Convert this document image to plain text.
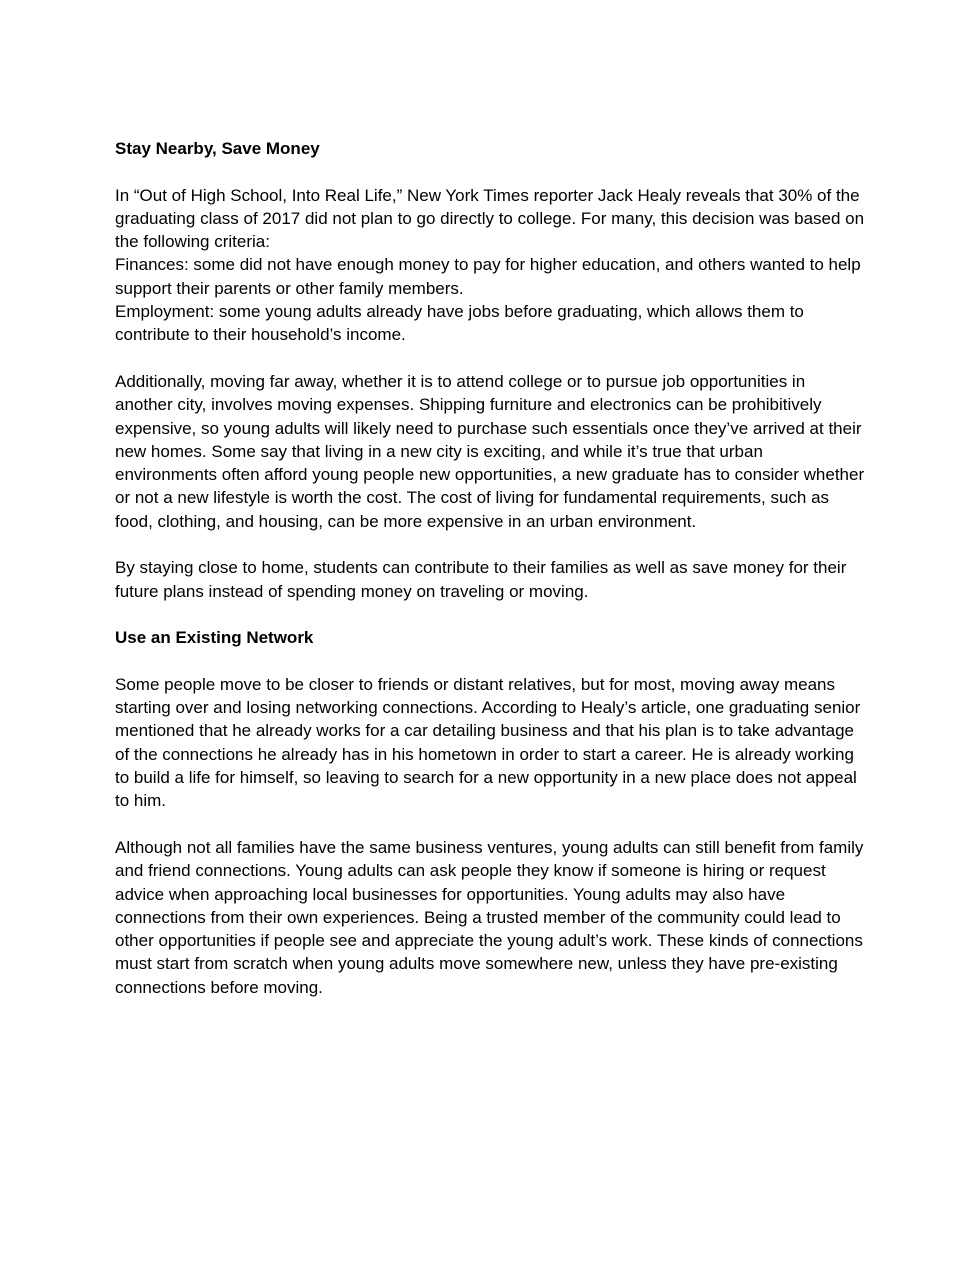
Stay Nearby, Save Money

In “Out of High School, Into Real Life,” New York Times reporter Jack Healy reveals that 30% of the graduating class of 2017 did not plan to go directly to college. For many, this decision was based on the following criteria:

Finances: some did not have enough money to pay for higher education, and others wanted to help support their parents or other family members.

Employment: some young adults already have jobs before graduating, which allows them to contribute to their household’s income.

Additionally, moving far away, whether it is to attend college or to pursue job opportunities in another city, involves moving expenses. Shipping furniture and electronics can be prohibitively expensive, so young adults will likely need to purchase such essentials once they’ve arrived at their new homes. Some say that living in a new city is exciting, and while it’s true that urban environments often afford young people new opportunities, a new graduate has to consider whether or not a new lifestyle is worth the cost. The cost of living for fundamental requirements, such as food, clothing, and housing, can be more expensive in an urban environment.

By staying close to home, students can contribute to their families as well as save money for their future plans instead of spending money on traveling or moving.

Use an Existing Network

Some people move to be closer to friends or distant relatives, but for most, moving away means starting over and losing networking connections. According to Healy’s article, one graduating senior mentioned that he already works for a car detailing business and that his plan is to take advantage of the connections he already has in his hometown in order to start a career. He is already working to build a life for himself, so leaving to search for a new opportunity in a new place does not appeal to him.

Although not all families have the same business ventures, young adults can still benefit from family and friend connections. Young adults can ask people they know if someone is hiring or request advice when approaching local businesses for opportunities. Young adults may also have connections from their own experiences. Being a trusted member of the community could lead to other opportunities if people see and appreciate the young adult’s work. These kinds of connections must start from scratch when young adults move somewhere new, unless they have pre-existing connections before moving.
